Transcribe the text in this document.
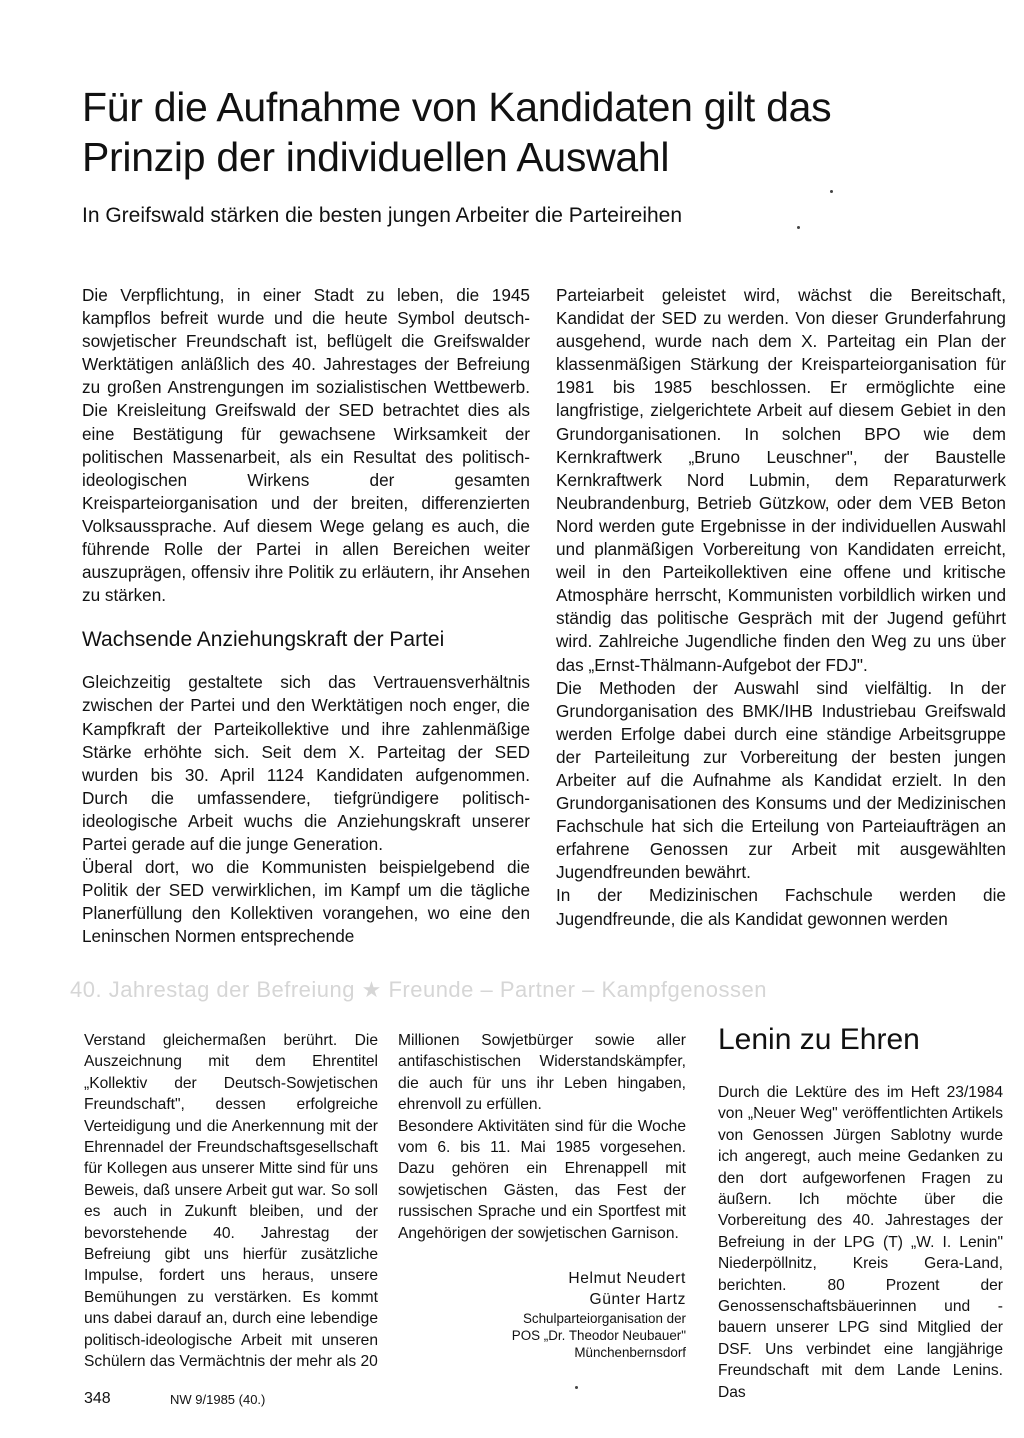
Für die Aufnahme von Kandidaten gilt das Prinzip der individuellen Auswahl
In Greifswald stärken die besten jungen Arbeiter die Parteireihen

Die Verpflichtung, in einer Stadt zu leben, die 1945 kampflos befreit wurde und die heute Symbol deutsch-sowjetischer Freundschaft ist, beflügelt die Greifswalder Werktätigen anläßlich des 40. Jahrestages der Befreiung zu großen Anstrengungen im sozialistischen Wettbewerb. Die Kreisleitung Greifswald der SED betrachtet dies als eine Bestätigung für gewachsene Wirksamkeit der politischen Massenarbeit, als ein Resultat des politisch-ideologischen Wirkens der gesamten Kreisparteiorganisation und der breiten, differenzierten Volksaussprache. Auf diesem Wege gelang es auch, die führende Rolle der Partei in allen Bereichen weiter auszuprägen, offensiv ihre Politik zu erläutern, ihr Ansehen zu stärken.

Wachsende Anziehungskraft der Partei

Gleichzeitig gestaltete sich das Vertrauensverhältnis zwischen der Partei und den Werktätigen noch enger, die Kampfkraft der Parteikollektive und ihre zahlenmäßige Stärke erhöhte sich. Seit dem X. Parteitag der SED wurden bis 30. April 1124 Kandidaten aufgenommen. Durch die umfassendere, tiefgründigere politisch-ideologische Arbeit wuchs die Anziehungskraft unserer Partei gerade auf die junge Generation.

Überal dort, wo die Kommunisten beispielgebend die Politik der SED verwirklichen, im Kampf um die tägliche Planerfüllung den Kollektiven vorangehen, wo eine den Leninschen Normen entsprechende

Parteiarbeit geleistet wird, wächst die Bereitschaft, Kandidat der SED zu werden. Von dieser Grunderfahrung ausgehend, wurde nach dem X. Parteitag ein Plan der klassenmäßigen Stärkung der Kreisparteiorganisation für 1981 bis 1985 beschlossen. Er ermöglichte eine langfristige, zielgerichtete Arbeit auf diesem Gebiet in den Grundorganisationen. In solchen BPO wie dem Kernkraftwerk „Bruno Leuschner", der Baustelle Kernkraftwerk Nord Lubmin, dem Reparaturwerk Neubrandenburg, Betrieb Gützkow, oder dem VEB Beton Nord werden gute Ergebnisse in der individuellen Auswahl und planmäßigen Vorbereitung von Kandidaten erreicht, weil in den Parteikollektiven eine offene und kritische Atmosphäre herrscht, Kommunisten vorbildlich wirken und ständig das politische Gespräch mit der Jugend geführt wird. Zahlreiche Jugendliche finden den Weg zu uns über das „Ernst-Thälmann-Aufgebot der FDJ".

Die Methoden der Auswahl sind vielfältig. In der Grundorganisation des BMK/IHB Industriebau Greifswald werden Erfolge dabei durch eine ständige Arbeitsgruppe der Parteileitung zur Vorbereitung der besten jungen Arbeiter auf die Aufnahme als Kandidat erzielt. In den Grundorganisationen des Konsums und der Medizinischen Fachschule hat sich die Erteilung von Parteiaufträgen an erfahrene Genossen zur Arbeit mit ausgewählten Jugendfreunden bewährt.

In der Medizinischen Fachschule werden die Jugendfreunde, die als Kandidat gewonnen werden

40. Jahrestag der Befreiung ★ Freunde – Partner – Kampfgenossen

Verstand gleichermaßen berührt. Die Auszeichnung mit dem Ehrentitel „Kollektiv der Deutsch-Sowjetischen Freundschaft", dessen erfolgreiche Verteidigung und die Anerkennung mit der Ehrennadel der Freundschaftsgesellschaft für Kollegen aus unserer Mitte sind für uns Beweis, daß unsere Arbeit gut war. So soll es auch in Zukunft bleiben, und der bevorstehende 40. Jahrestag der Befreiung gibt uns hierfür zusätzliche Impulse, fordert uns heraus, unsere Bemühungen zu verstärken. Es kommt uns dabei darauf an, durch eine lebendige politisch-ideologische Arbeit mit unseren Schülern das Vermächtnis der mehr als 20

Millionen Sowjetbürger sowie aller antifaschistischen Widerstandskämpfer, die auch für uns ihr Leben hingaben, ehrenvoll zu erfüllen.

Besondere Aktivitäten sind für die Woche vom 6. bis 11. Mai 1985 vorgesehen. Dazu gehören ein Ehrenappell mit sowjetischen Gästen, das Fest der russischen Sprache und ein Sportfest mit Angehörigen der sowjetischen Garnison.

Helmut Neudert
Günter Hartz
Schulparteiorganisation der
POS „Dr. Theodor Neubauer"
Münchenbernsdorf
Lenin zu Ehren

Durch die Lektüre des im Heft 23/1984 von „Neuer Weg" veröffentlichten Artikels von Genossen Jürgen Sablotny wurde ich angeregt, auch meine Gedanken zu den dort aufgeworfenen Fragen zu äußern. Ich möchte über die Vorbereitung des 40. Jahrestages der Befreiung in der LPG (T) „W. I. Lenin" Niederpöllnitz, Kreis Gera-Land, berichten. 80 Prozent der Genossenschaftsbäuerinnen und -bauern unserer LPG sind Mitglied der DSF. Uns verbindet eine langjährige Freundschaft mit dem Lande Lenins. Das

348	NW 9/1985 (40.)
